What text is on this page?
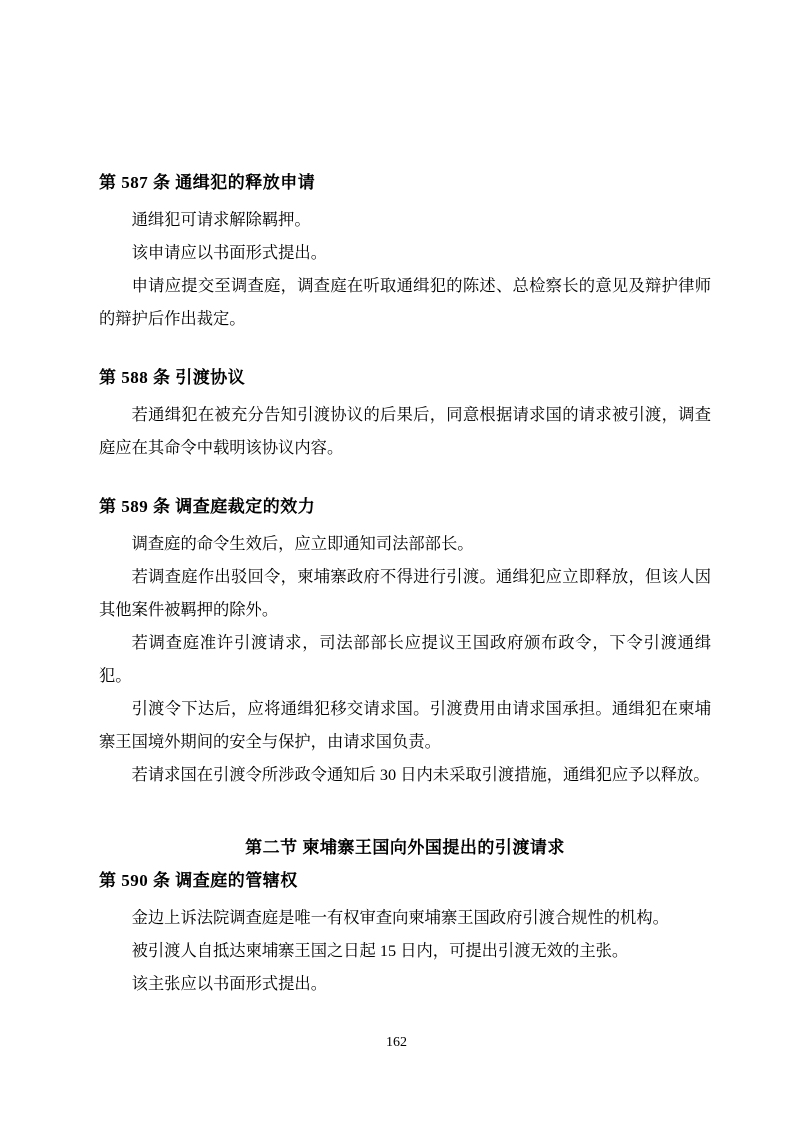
第 587 条 通缉犯的释放申请

通缉犯可请求解除羁押。

该申请应以书面形式提出。

申请应提交至调查庭，调查庭在听取通缉犯的陈述、总检察长的意见及辩护律师的辩护后作出裁定。

第 588 条 引渡协议

若通缉犯在被充分告知引渡协议的后果后，同意根据请求国的请求被引渡，调查庭应在其命令中载明该协议内容。

第 589 条 调查庭裁定的效力

调查庭的命令生效后，应立即通知司法部部长。

若调查庭作出驳回令，柬埔寨政府不得进行引渡。通缉犯应立即释放，但该人因其他案件被羁押的除外。

若调查庭准许引渡请求，司法部部长应提议王国政府颁布政令，下令引渡通缉犯。

引渡令下达后，应将通缉犯移交请求国。引渡费用由请求国承担。通缉犯在柬埔寨王国境外期间的安全与保护，由请求国负责。

若请求国在引渡令所涉政令通知后 30 日内未采取引渡措施，通缉犯应予以释放。

第二节 柬埔寨王国向外国提出的引渡请求
第 590 条 调查庭的管辖权

金边上诉法院调查庭是唯一有权审查向柬埔寨王国政府引渡合规性的机构。

被引渡人自抵达柬埔寨王国之日起 15 日内，可提出引渡无效的主张。

该主张应以书面形式提出。

162
